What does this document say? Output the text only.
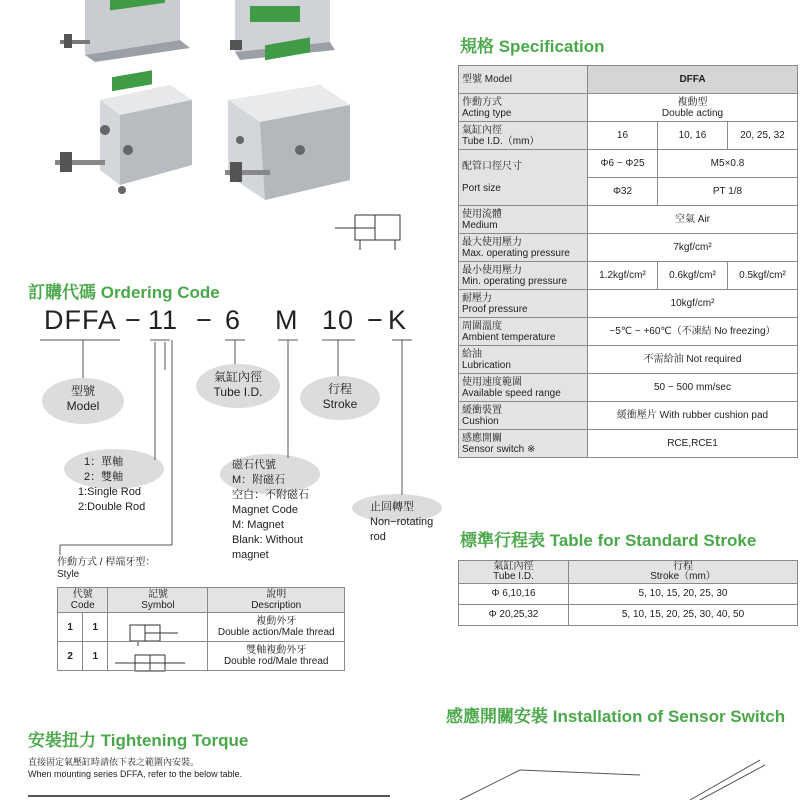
規格 Specification
型號 Model	DFFA		
作動方式
Acting type	複動型
Double acting		
氣缸內徑
Tube I.D.（mm）	16	10, 16	20, 25, 32
配管口徑尺寸

Port size	Φ6 ~ Φ25	M5×0.8	
	Φ32	PT 1/8	
使用流體
Medium	空氣 Air		
最大使用壓力
Max. operating pressure	7kgf/cm²		
最小使用壓力
Min. operating pressure	1.2kgf/cm²	0.6kgf/cm²	0.5kgf/cm²
耐壓力
Proof pressure	10kgf/cm²		
周圍溫度
Ambient temperature	−5℃ ~ +60℃（不凍結 No freezing）		
給油
Lubrication	不需給油 Not required		
使用速度範圍
Available speed range	50 ~ 500 mm/sec		
緩衝裝置
Cushion	緩衝壓片 With rubber cushion pad		
感應開關
Sensor switch ※	RCE,RCE1		
訂購代碼 Ordering Code
DFFA − 11 − 6 M 10 − K
型號
Model
氣缸內徑
Tube I.D.	行程
Stroke
1：單軸
2：雙軸
1:Single Rod
2:Double Rod
磁石代號
M：附磁石
空白：不附磁石
Magnet Code
M: Magnet
Blank: Without
magnet
止回轉型
Non−rotating
rod
作動方式 / 桿端牙型：
Style
代號
Code		記號
Symbol	說明
Description
1	1		複動外牙
Double action/Male thread
2	1		雙軸複動外牙
Double rod/Male thread
標準行程表 Table for Standard Stroke
氣缸內徑
Tube I.D.	行程
Stroke（mm）
Φ 6,10,16	5, 10, 15, 20, 25, 30
Φ 20,25,32	5, 10, 15, 20, 25, 30, 40, 50
感應開關安裝 Installation of Sensor Switch
安裝扭力 Tightening Torque
直接固定氣壓缸時請依下表之範圍內安裝。
When mounting series DFFA, refer to the below table.
